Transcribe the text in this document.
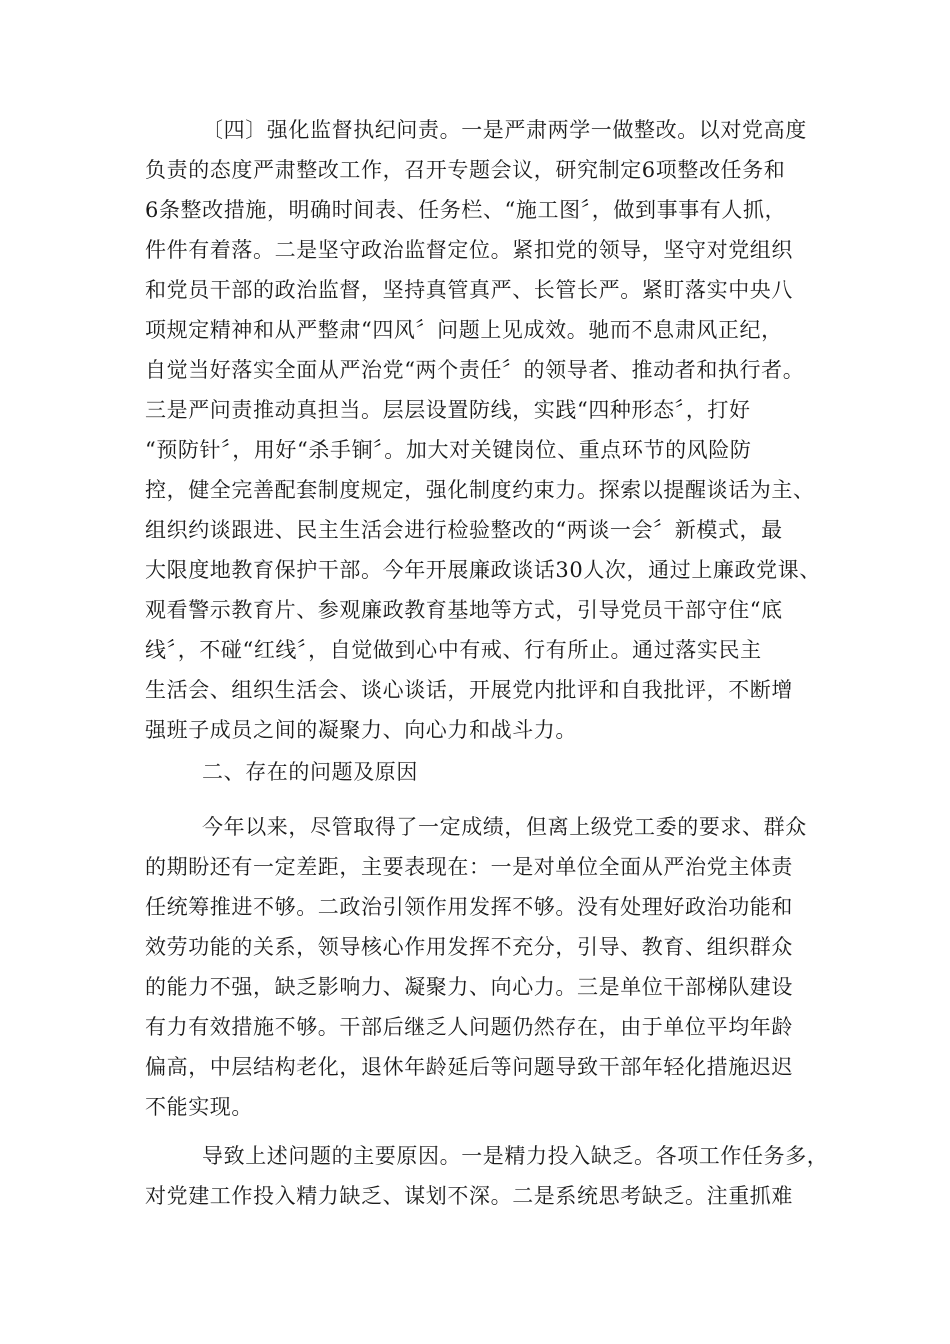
〔四〕强化监督执纪问责。一是严肃两学一做整改。以对党高度
负责的态度严肃整改工作，召开专题会议，研究制定6项整改任务和
6条整改措施，明确时间表、任务栏、“施工图〞，做到事事有人抓，
件件有着落。二是坚守政治监督定位。紧扣党的领导，坚守对党组织
和党员干部的政治监督，坚持真管真严、长管长严。紧盯落实中央八
项规定精神和从严整肃“四风〞问题上见成效。驰而不息肃风正纪，
自觉当好落实全面从严治党“两个责任〞的领导者、推动者和执行者。
三是严问责推动真担当。层层设置防线，实践“四种形态〞，打好
“预防针〞，用好“杀手锏〞。加大对关键岗位、重点环节的风险防
控，健全完善配套制度规定，强化制度约束力。探索以提醒谈话为主、
组织约谈跟进、民主生活会进行检验整改的“两谈一会〞新模式，最
大限度地教育保护干部。今年开展廉政谈话30人次，通过上廉政党课、
观看警示教育片、参观廉政教育基地等方式，引导党员干部守住“底
线〞，不碰“红线〞，自觉做到心中有戒、行有所止。通过落实民主
生活会、组织生活会、谈心谈话，开展党内批评和自我批评，不断增
强班子成员之间的凝聚力、向心力和战斗力。
二、存在的问题及原因
今年以来，尽管取得了一定成绩，但离上级党工委的要求、群众
的期盼还有一定差距，主要表现在：一是对单位全面从严治党主体责
任统筹推进不够。二政治引领作用发挥不够。没有处理好政治功能和
效劳功能的关系，领导核心作用发挥不充分，引导、教育、组织群众
的能力不强，缺乏影响力、凝聚力、向心力。三是单位干部梯队建设
有力有效措施不够。干部后继乏人问题仍然存在，由于单位平均年龄
偏高，中层结构老化，退休年龄延后等问题导致干部年轻化措施迟迟
不能实现。
导致上述问题的主要原因。一是精力投入缺乏。各项工作任务多，
对党建工作投入精力缺乏、谋划不深。二是系统思考缺乏。注重抓难
